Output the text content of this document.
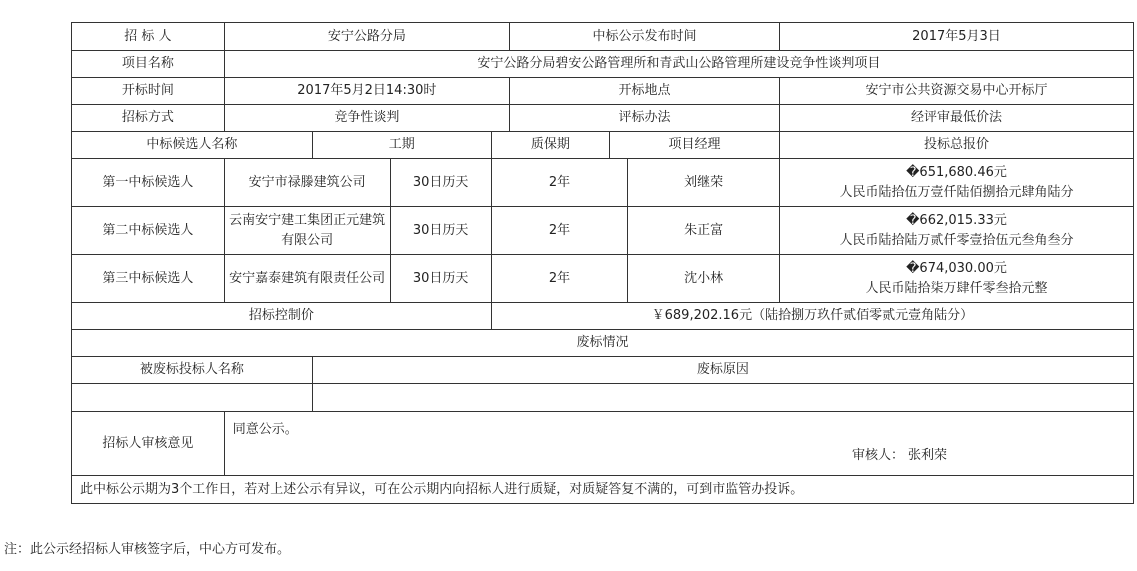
招 标 人	安宁公路分局				中标公示发布时间			2017年5月3日
项目名称	安宁公路分局碧安公路管理所和青武山公路管理所建设竞争性谈判项目							
开标时间	2017年5月2日14:30时				开标地点			安宁市公共资源交易中心开标厅
招标方式	竞争性谈判				评标办法			经评审最低价法
中标候选人名称		工期		质保期		项目经理		投标总报价
第一中标候选人	安宁市禄滕建筑公司		30日历天	2年			刘继荣	�651,680.46元
人民币陆拾伍万壹仟陆佰捌拾元肆角陆分

第二中标候选人	云南安宁建工集团正元建筑有限公司		30日历天	2年			朱正富	�662,015.33元
人民币陆拾陆万贰仟零壹拾伍元叁角叁分

第三中标候选人	安宁嘉泰建筑有限责任公司		30日历天	2年			沈小林	�674,030.00元
人民币陆拾柒万肆仟零叁拾元整

招标控制价				￥689,202.16元（陆拾捌万玖仟贰佰零贰元壹角陆分）				
废标情况								
被废标投标人名称		废标原因						

招标人审核意见	同意公示。
审核人： 张利荣							

此中标公示期为3个工作日，若对上述公示有异议，可在公示期内向招标人进行质疑，对质疑答复不满的，可到市监管办投诉。								
注：此公示经招标人审核签字后，中心方可发布。
